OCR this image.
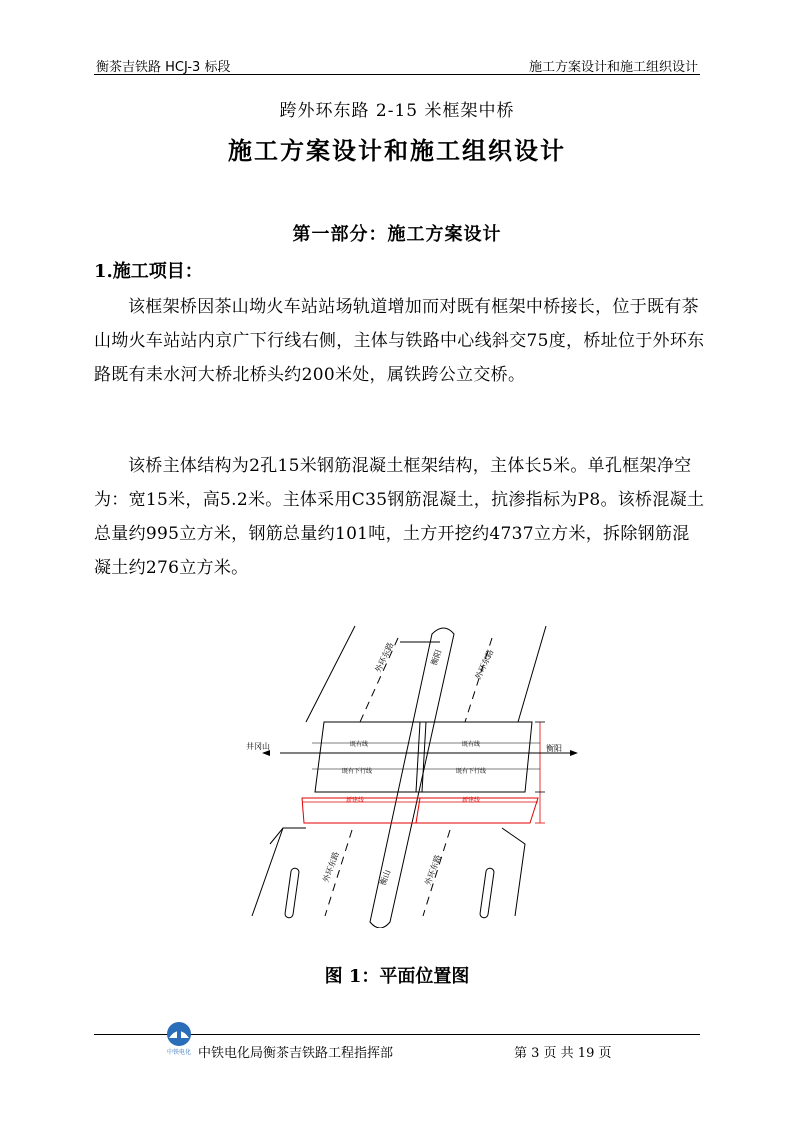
衡茶吉铁路 HCJ-3 标段	施工方案设计和施工组织设计
跨外环东路 2-15 米框架中桥
施工方案设计和施工组织设计
第一部分：施工方案设计
1.施工项目：
该框架桥因茶山坳火车站站场轨道增加而对既有框架中桥接长，位于既有茶山坳火车站站内京广下行线右侧，主体与铁路中心线斜交75度，桥址位于外环东路既有耒水河大桥北桥头约200米处，属铁跨公立交桥。
该桥主体结构为2孔15米钢筋混凝土框架结构，主体长5米。单孔框架净空为：宽15米，高5.2米。主体采用C35钢筋混凝土，抗渗指标为P8。该桥混凝土总量约995立方米，钢筋总量约101吨，土方开挖约4737立方米，拆除钢筋混凝土约276立方米。
外环东路	衡阳	外环东路
外环东路	衡山	外环东路
井冈山	衡阳
既有线	既有线
既有下行线	既有下行线
新建线	新建线
图 1：平面位置图
中铁电化 中铁电化局衡茶吉铁路工程指挥部	第 3 页 共 19 页
